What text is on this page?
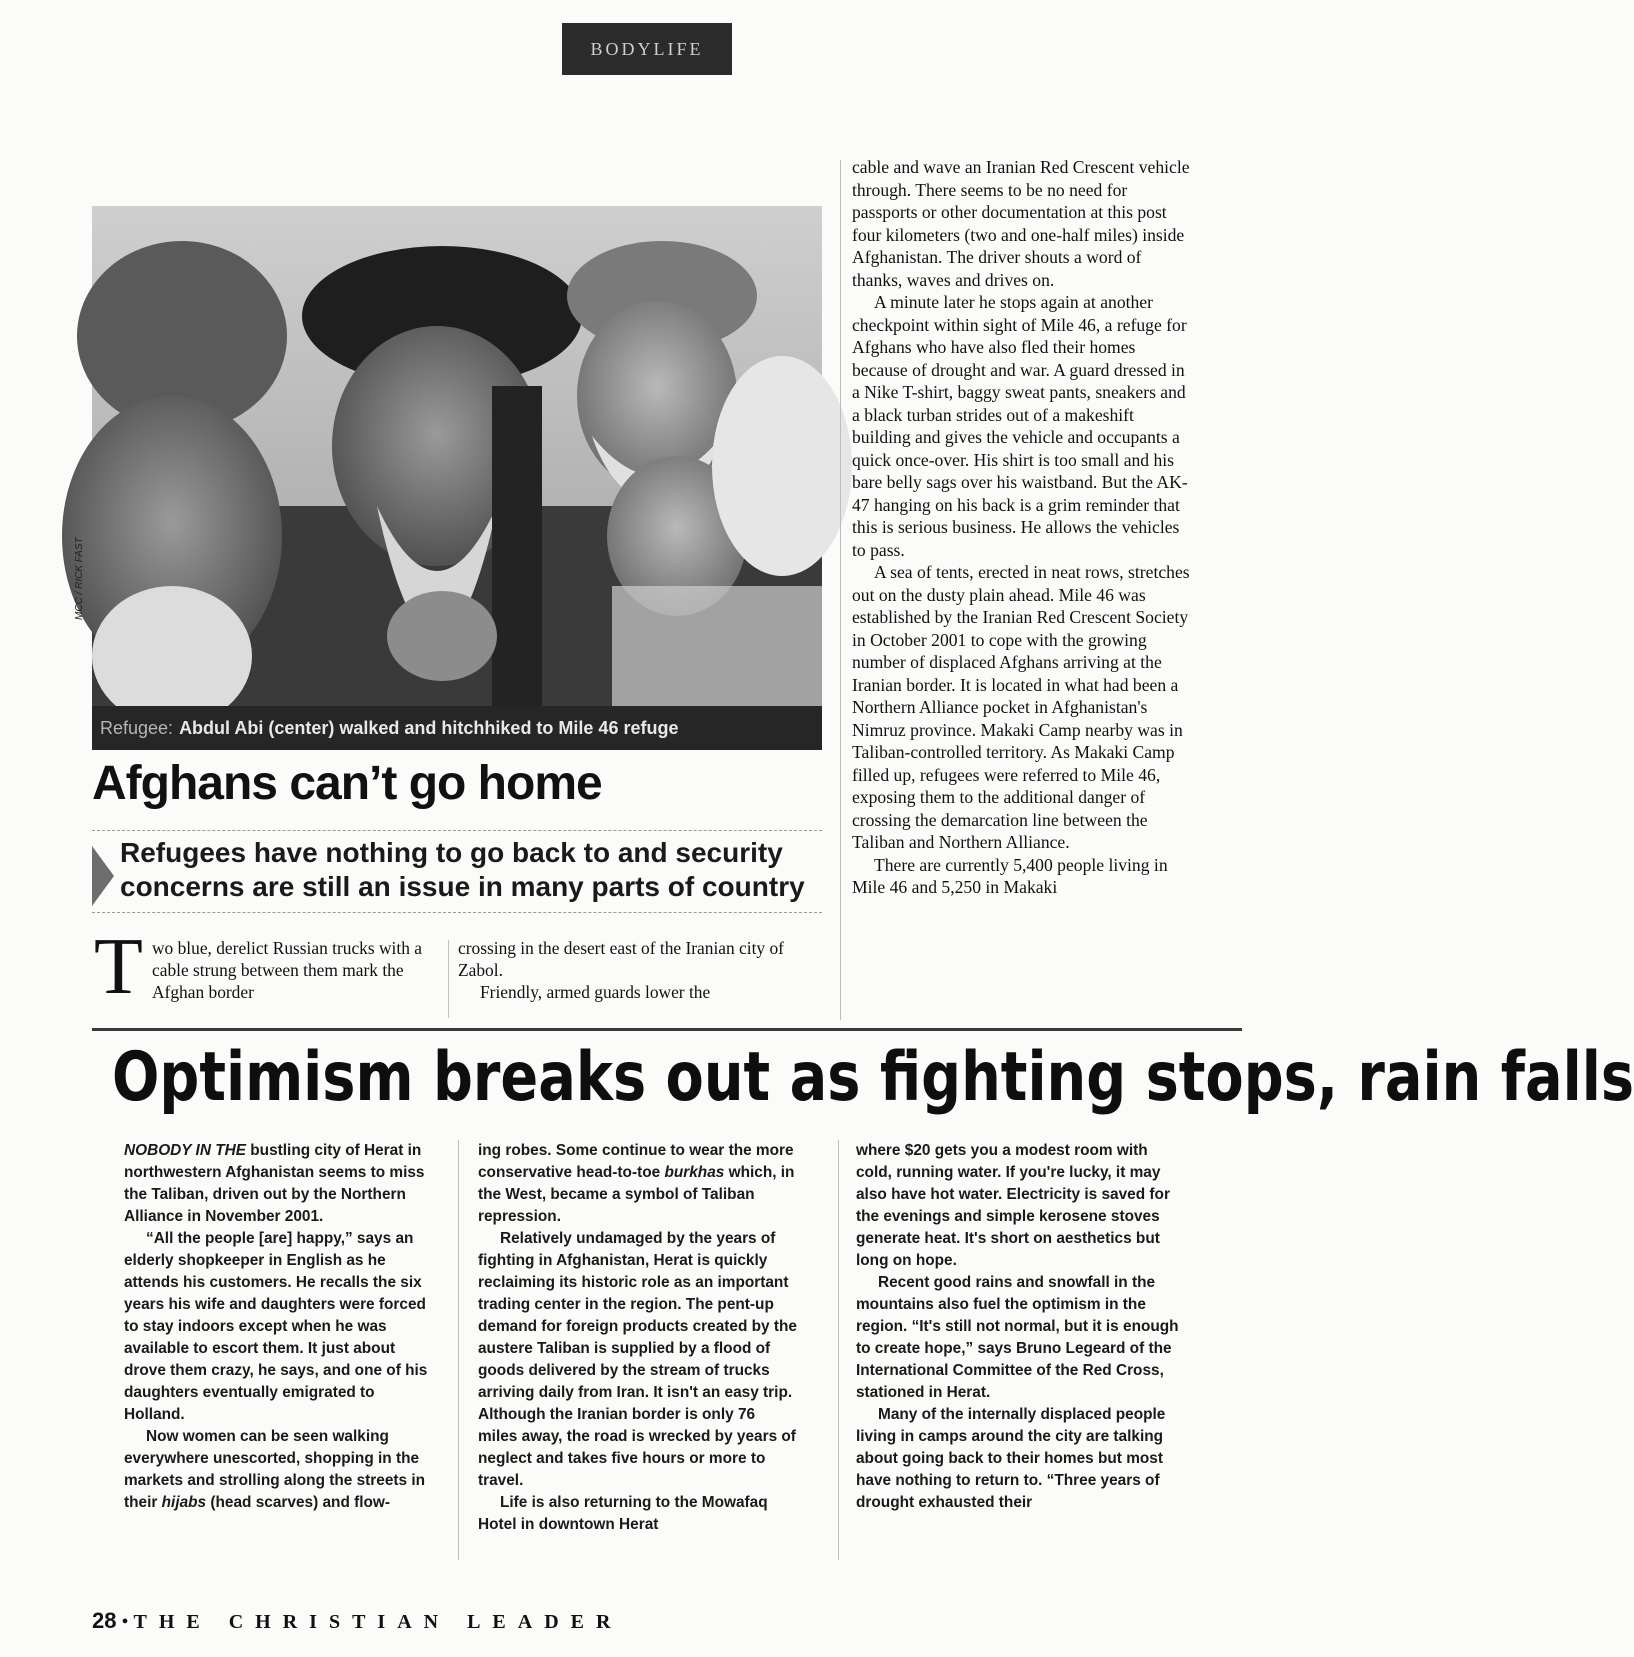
BODYLIFE
Refugee: Abdul Abi (center) walked and hitchhiked to Mile 46 refuge
MCC / RICK FAST

cable and wave an Iranian Red Crescent vehicle through. There seems to be no need for passports or other documentation at this post four kilometers (two and one-half miles) inside Afghanistan. The driver shouts a word of thanks, waves and drives on.

A minute later he stops again at another checkpoint within sight of Mile 46, a refuge for Afghans who have also fled their homes because of drought and war. A guard dressed in a Nike T-shirt, baggy sweat pants, sneakers and a black turban strides out of a makeshift building and gives the vehicle and occupants a quick once-over. His shirt is too small and his bare belly sags over his waistband. But the AK-47 hanging on his back is a grim reminder that this is serious business. He allows the vehicles to pass.

A sea of tents, erected in neat rows, stretches out on the dusty plain ahead. Mile 46 was established by the Iranian Red Crescent Society in October 2001 to cope with the growing number of displaced Afghans arriving at the Iranian border. It is located in what had been a Northern Alliance pocket in Afghanistan's Nimruz province. Makaki Camp nearby was in Taliban-controlled territory. As Makaki Camp filled up, refugees were referred to Mile 46, exposing them to the additional danger of crossing the demarcation line between the Taliban and Northern Alliance.

There are currently 5,400 people living in Mile 46 and 5,250 in Makaki

Afghans can’t go home
Refugees have nothing to go back to and security concerns are still an issue in many parts of country
T wo blue, derelict Russian trucks with a cable strung between them mark the Afghan border

crossing in the desert east of the Iranian city of Zabol.

Friendly, armed guards lower the

Optimism breaks out as fighting stops, rain falls

NOBODY IN THE bustling city of Herat in northwestern Afghanistan seems to miss the Taliban, driven out by the Northern Alliance in November 2001.

“All the people [are] happy,” says an elderly shopkeeper in English as he attends his customers. He recalls the six years his wife and daughters were forced to stay indoors except when he was available to escort them. It just about drove them crazy, he says, and one of his daughters eventually emigrated to Holland.

Now women can be seen walking everywhere unescorted, shopping in the markets and strolling along the streets in their hijabs (head scarves) and flow-

ing robes. Some continue to wear the more conservative head-to-toe burkhas which, in the West, became a symbol of Taliban repression.

Relatively undamaged by the years of fighting in Afghanistan, Herat is quickly reclaiming its historic role as an important trading center in the region. The pent-up demand for foreign products created by the austere Taliban is supplied by a flood of goods delivered by the stream of trucks arriving daily from Iran. It isn't an easy trip. Although the Iranian border is only 76 miles away, the road is wrecked by years of neglect and takes five hours or more to travel.

Life is also returning to the Mowafaq Hotel in downtown Herat

where $20 gets you a modest room with cold, running water. If you're lucky, it may also have hot water. Electricity is saved for the evenings and simple kerosene stoves generate heat. It's short on aesthetics but long on hope.

Recent good rains and snowfall in the mountains also fuel the optimism in the region. “It's still not normal, but it is enough to create hope,” says Bruno Legeard of the International Committee of the Red Cross, stationed in Herat.

Many of the internally displaced people living in camps around the city are talking about going back to their homes but most have nothing to return to. “Three years of drought exhausted their

28 • THE CHRISTIAN LEADER
